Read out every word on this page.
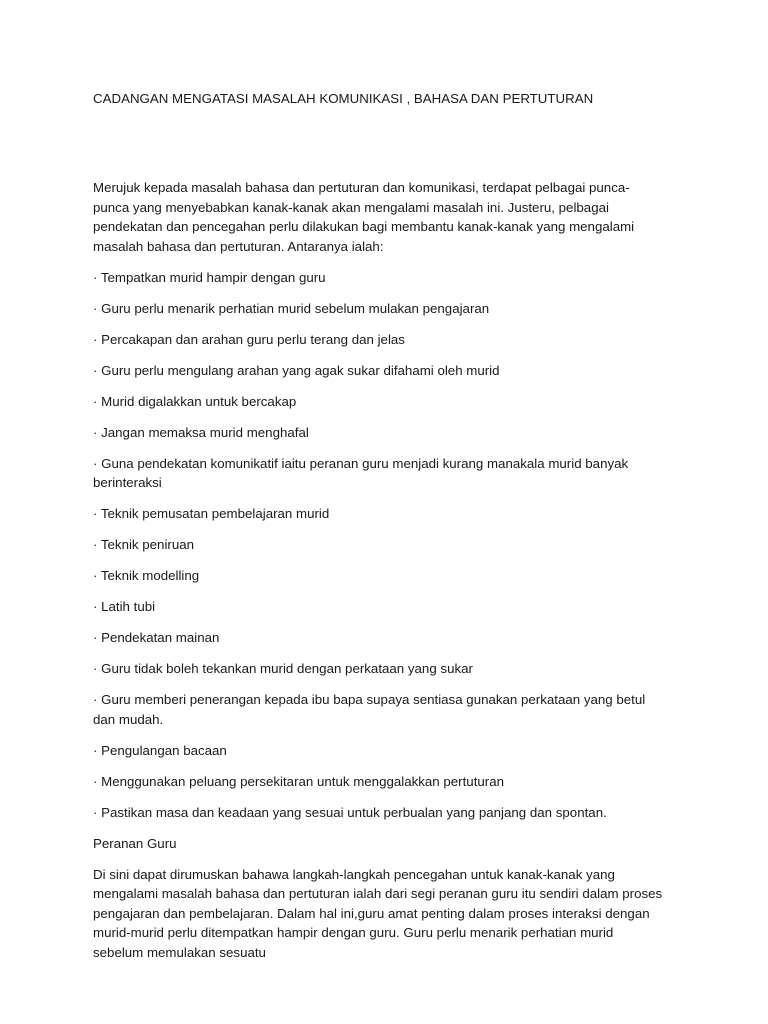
CADANGAN MENGATASI MASALAH KOMUNIKASI , BAHASA DAN PERTUTURAN

Merujuk kepada masalah bahasa dan pertuturan dan komunikasi, terdapat pelbagai punca-punca yang menyebabkan kanak-kanak akan mengalami masalah ini. Justeru, pelbagai pendekatan dan pencegahan perlu dilakukan bagi membantu kanak-kanak yang mengalami masalah bahasa dan pertuturan. Antaranya ialah:

· Tempatkan murid hampir dengan guru
· Guru perlu menarik perhatian murid sebelum mulakan pengajaran
· Percakapan dan arahan guru perlu terang dan jelas
· Guru perlu mengulang arahan yang agak sukar difahami oleh murid
· Murid digalakkan untuk bercakap
· Jangan memaksa murid menghafal
· Guna pendekatan komunikatif iaitu peranan guru menjadi kurang manakala murid banyak berinteraksi
· Teknik pemusatan pembelajaran murid
· Teknik peniruan
· Teknik modelling
· Latih tubi
· Pendekatan mainan
· Guru tidak boleh tekankan murid dengan perkataan yang sukar
· Guru memberi penerangan kepada ibu bapa supaya sentiasa gunakan perkataan yang betul dan mudah.
· Pengulangan bacaan
· Menggunakan peluang persekitaran untuk menggalakkan pertuturan
· Pastikan masa dan keadaan yang sesuai untuk perbualan yang panjang dan spontan.
Peranan Guru

Di sini dapat dirumuskan bahawa langkah-langkah pencegahan untuk kanak-kanak yang mengalami masalah bahasa dan pertuturan ialah dari segi peranan guru itu sendiri dalam proses pengajaran dan pembelajaran. Dalam hal ini,guru amat penting dalam proses interaksi dengan murid-murid perlu ditempatkan hampir dengan guru. Guru perlu menarik perhatian murid sebelum memulakan sesuatu
